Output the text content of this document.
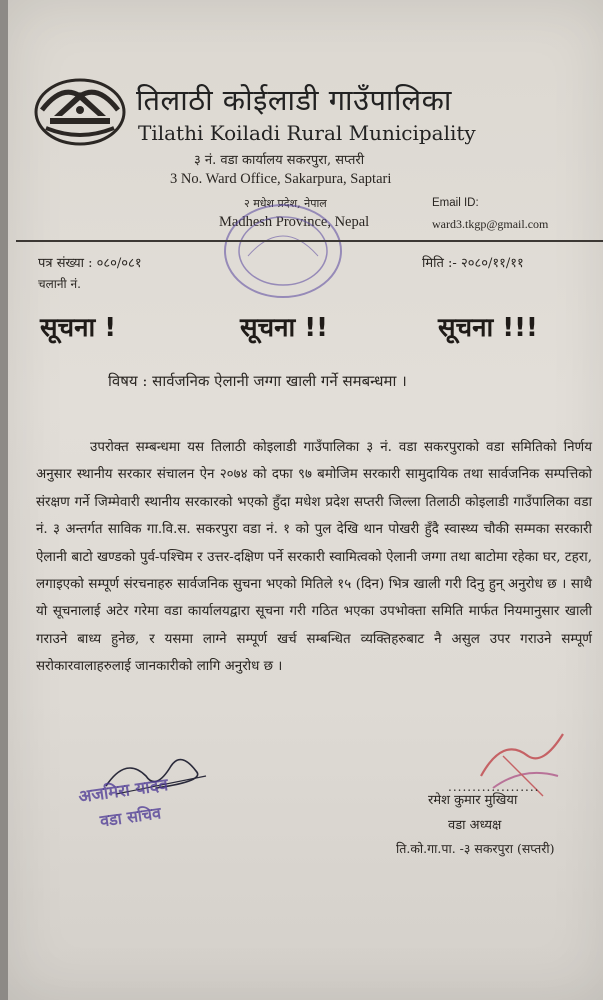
तिलाठी कोईलाडी गाउँपालिका
Tilathi Koiladi Rural Municipality
३ नं. वडा कार्यालय सकरपुरा, सप्तरी
3 No. Ward Office, Sakarpura, Saptari
२ मधेश प्रदेश, नेपाल
Madhesh Province, Nepal
Email ID:
ward3.tkgp@gmail.com
पत्र संख्या : ०८०/०८१
चलानी नं.
मिति :- २०८०/११/११
सूचना !	सूचना !!	सूचना !!!
विषय : सार्वजनिक ऐलानी जग्गा खाली गर्ने समबन्धमा ।
उपरोक्त सम्बन्धमा यस तिलाठी कोइलाडी गाउँपालिका ३ नं. वडा सकरपुराको वडा समितिको निर्णय अनुसार स्थानीय सरकार संचालन ऐन २०७४ को दफा ९७ बमोजिम सरकारी सामुदायिक तथा सार्वजनिक सम्पत्तिको संरक्षण गर्ने जिम्मेवारी स्थानीय सरकारको भएको हुँदा मधेश प्रदेश सप्तरी जिल्ला तिलाठी कोइलाडी गाउँपालिका वडा नं. ३ अन्तर्गत साविक गा.वि.स. सकरपुरा वडा नं. १ को पुल देखि थान पोखरी हुँदै स्वास्थ्य चौकी सम्मका सरकारी ऐलानी बाटो खण्डको पुर्व-पश्चिम र उत्तर-दक्षिण पर्ने सरकारी स्वामित्वको ऐलानी जग्गा तथा बाटोमा रहेका घर, टहरा, लगाइएको सम्पूर्ण संरचनाहरु सार्वजनिक सुचना भएको मितिले १५ (दिन) भित्र खाली गरी दिनु हुन् अनुरोध छ । साथै यो सूचनालाई अटेर गरेमा वडा कार्यालयद्वारा सूचना गरी गठित भएका उपभोक्ता समिति मार्फत नियमानुसार खाली गराउने बाध्य हुनेछ, र यसमा लाग्ने सम्पूर्ण खर्च सम्बन्धित व्यक्तिहरुबाट नै असुल उपर गराउने सम्पूर्ण सरोकारवालाहरुलाई जानकारीको लागि अनुरोध छ ।
अजमिरा यादव
वडा सचिव
...................
रमेश कुमार मुखिया
वडा अध्यक्ष
ति.को.गा.पा. -३ सकरपुरा (सप्तरी)
